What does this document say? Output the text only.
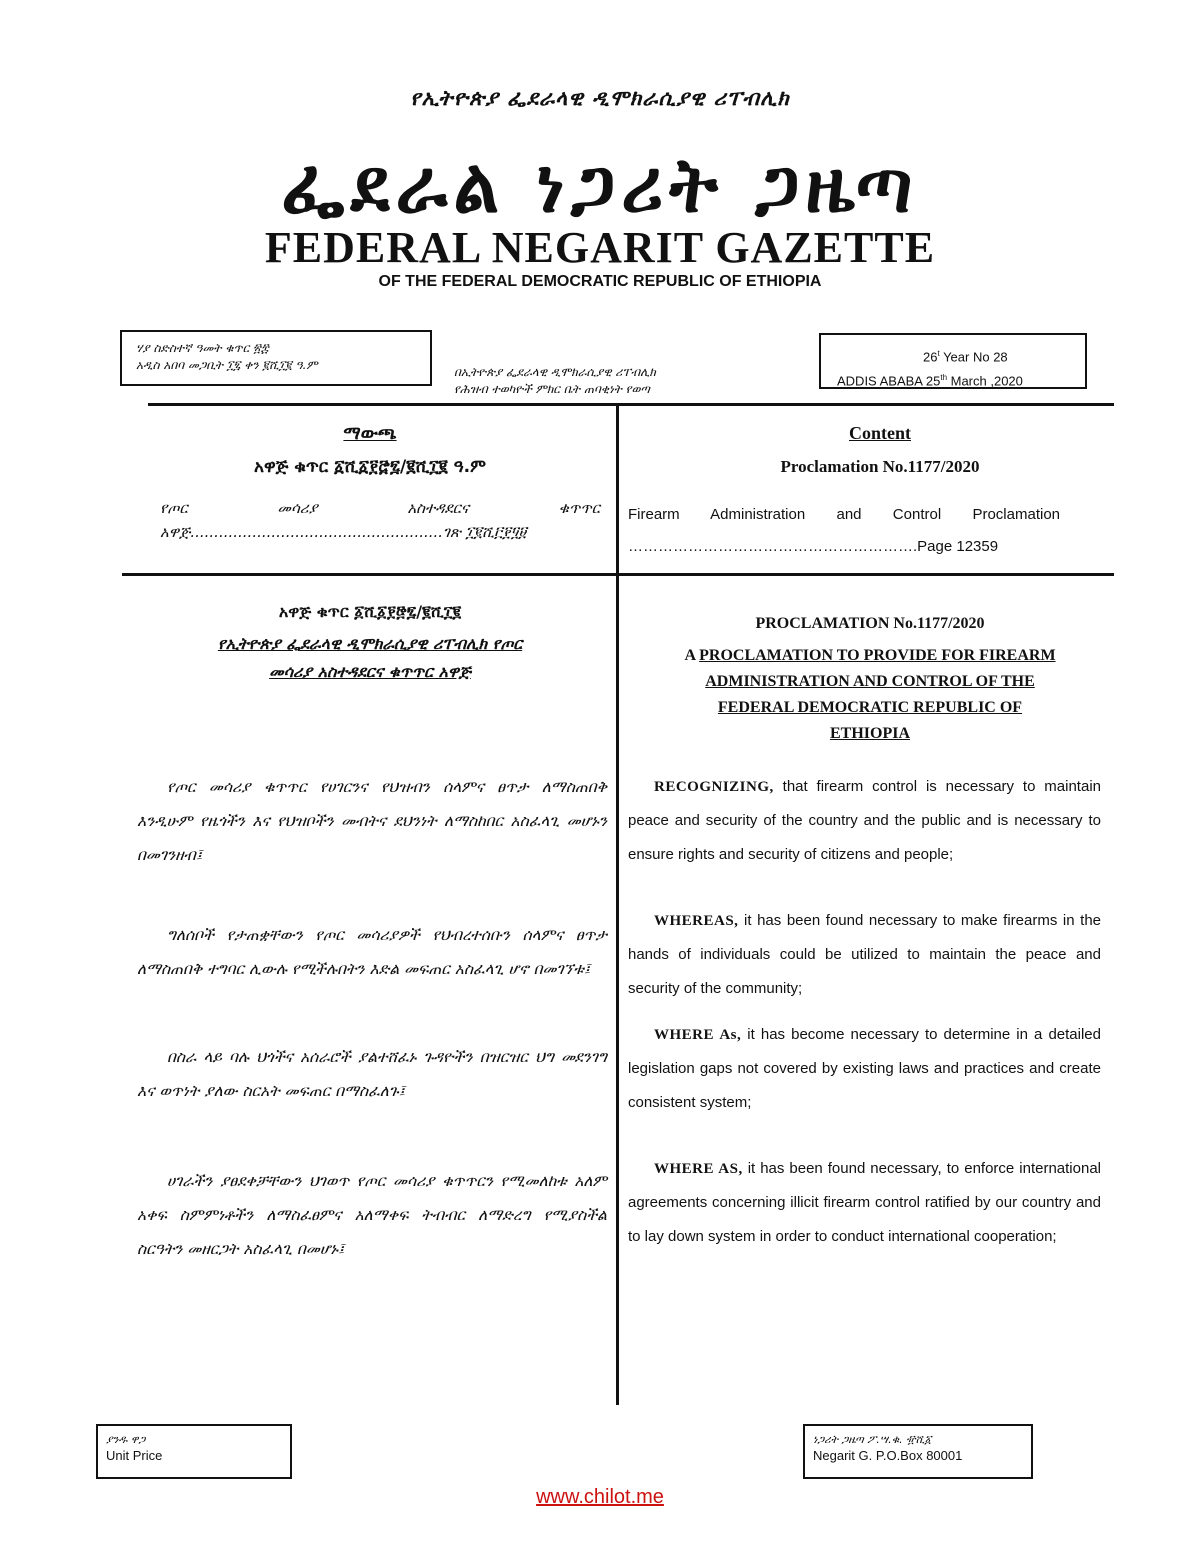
የኢትዮጵያ ፌደራላዊ ዲሞክራሲያዊ ሪፐብሊክ
ፌደራል ነጋሪት ጋዜጣ
FEDERAL NEGARIT GAZETTE
OF THE FEDERAL DEMOCRATIC REPUBLIC OF ETHIOPIA
ሃያ ስድስተኛ ዓመት ቁጥር ፳፰
አዲስ አበባ መጋቢት ፲፯ ቀን ፪ሺ፲፪ ዓ.ም	በኢትዮጵያ ፌደራላዊ ዲሞክራሲያዊ ሪፐብሊክ
የሕዝብ ተወካዮች ምክር ቤት ጠባቂነት የወጣ
26$^t$ Year No 28
ADDIS ABABA 25th March ,2020
ማውጫ
አዋጅ ቁጥር ፩ሺ፩፻፸፯/፪ሺ፲፪ ዓ.ም
የጦር	መሳሪያ	አስተዳደርና	ቁጥጥር
አዋጅ.....................................................ገጽ ፲፪ሺ፫፻፶፱
Content
Proclamation No.1177/2020
Firearm Administration and Control Proclamation
………………………………………………….Page 12359
አዋጅ ቁጥር ፩ሺ፩፻፸፯/፪ሺ፲፪
የኢትዮጵያ ፌደራላዊ ዲሞክራሲያዊ ሪፐብሊክ የጦር
መሳሪያ አስተዳደርና ቁጥጥር አዋጅ
PROCLAMATION No.1177/2020
A PROCLAMATION TO PROVIDE FOR FIREARM
ADMINISTRATION AND CONTROL OF THE
FEDERAL DEMOCRATIC REPUBLIC OF
ETHIOPIA

የጦር መሳሪያ ቁጥጥር የሀገርንና የህዝብን ሰላምና ፀጥታ ለማስጠበቅ እንዲሁም የዜጎችን እና የህዝቦችን መብትና ደህንነት ለማስከበር አስፈላጊ መሆኑን በመገንዘብ፤

ግለሰቦች የታጠቋቸውን የጦር መሳሪያዎች የህብረተሰቡን ሰላምና ፀጥታ ለማስጠበቅ ተግባር ሊውሉ የሚችሉበትን እድል መፍጠር አስፈላጊ ሆኖ በመገኘቱ፤

በስራ ላይ ባሉ ህጎችና አሰራሮች ያልተሸፈኑ ጉዳዮችን በዝርዝር ህግ መደንገግ እና ወጥነት ያለው ስርአት መፍጠር በማስፈለጉ፤

ሀገራችን ያፀደቀቻቸውን ህገወጥ የጦር መሳሪያ ቁጥጥርን የሚመለከቱ አለም አቀፍ ስምምነቶችን ለማስፈፀምና አለማቀፍ ትብብር ለማድረግ የሚያስችል ስርዓትን መዘርጋት አስፈላጊ በመሆኑ፤

RECOGNIZING, that firearm control is necessary to maintain peace and security of the country and the public and is necessary to ensure rights and security of citizens and people;

WHEREAS, it has been found necessary to make firearms in the hands of individuals could be utilized to maintain the peace and security of the community;

WHERE As, it has become necessary to determine in a detailed legislation gaps not covered by existing laws and practices and create consistent system;

WHERE AS, it has been found necessary, to enforce international agreements concerning illicit firearm control ratified by our country and to lay down system in order to conduct international cooperation;

ያንዱ ዋጋ
Unit Price
ነጋሪት ጋዜጣ ፖ.ሣ.ቁ. ፹ሺ፩
Negarit G. P.O.Box 80001
www.chilot.me
